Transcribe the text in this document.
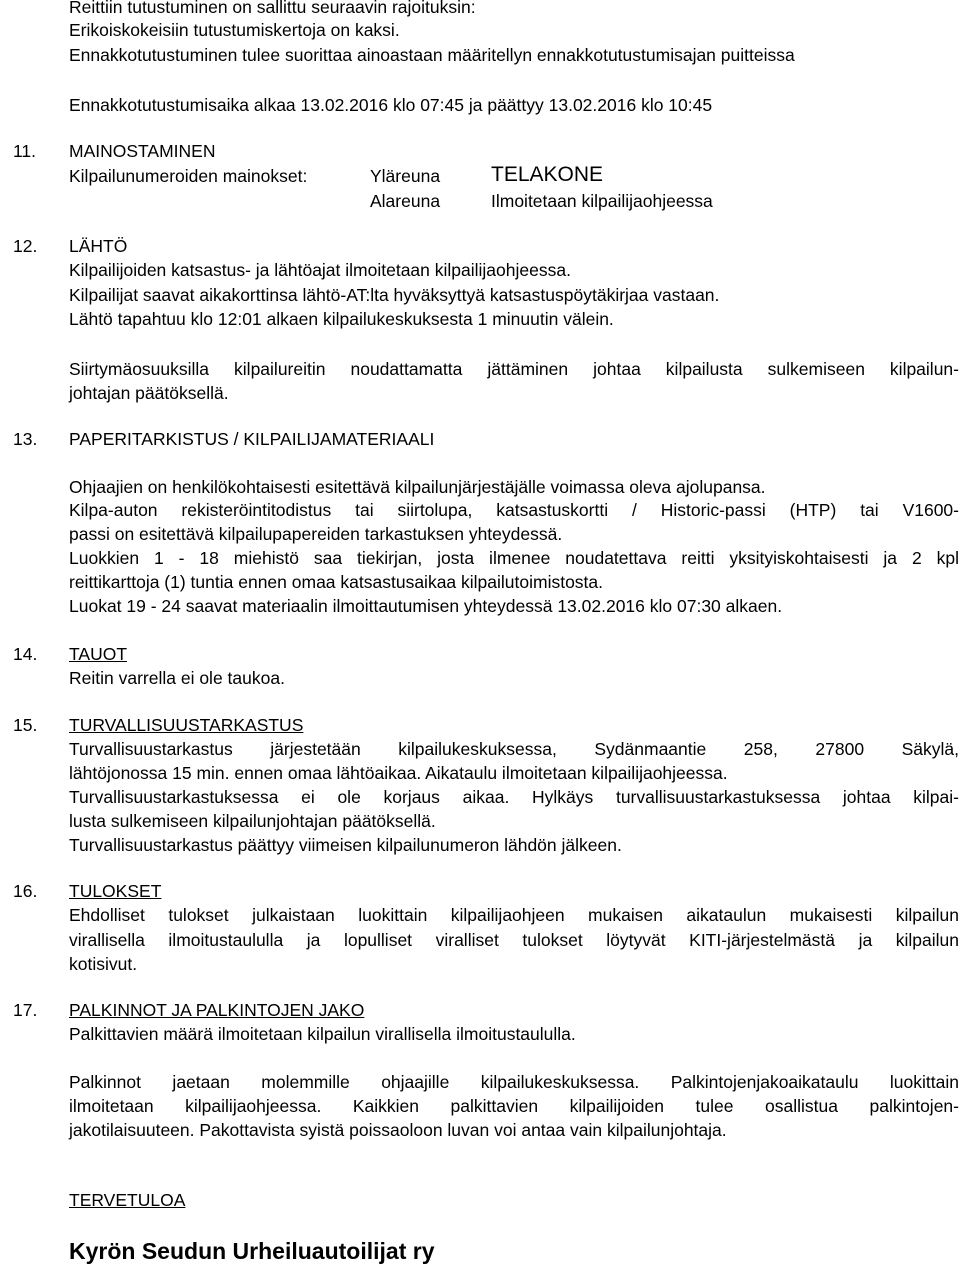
Reittiin tutustuminen on sallittu seuraavin rajoituksin:
Erikoiskokeisiin tutustumiskertoja on kaksi.
Ennakkotutustuminen tulee suorittaa ainoastaan määritellyn ennakkotutustumisajan puitteissa
Ennakkotutustumisaika alkaa 13.02.2016 klo 07:45 ja päättyy 13.02.2016 klo 10:45
11. MAINOSTAMINEN
Kilpailunumeroiden mainokset:	Yläreuna TELAKONE
Alareuna	Ilmoitetaan kilpailijaohjeessa
12. LÄHTÖ
Kilpailijoiden katsastus- ja lähtöajat ilmoitetaan kilpailijaohjeessa.
Kilpailijat saavat aikakorttinsa lähtö-AT:lta hyväksyttyä katsastuspöytäkirjaa vastaan.
Lähtö tapahtuu klo 12:01 alkaen kilpailukeskuksesta 1 minuutin välein.
Siirtymäosuuksilla kilpailureitin noudattamatta jättäminen johtaa kilpailusta sulkemiseen kilpailun-
johtajan päätöksellä.
13. PAPERITARKISTUS / KILPAILIJAMATERIAALI
Ohjaajien on henkilökohtaisesti esitettävä kilpailunjärjestäjälle voimassa oleva ajolupansa.
Kilpa-auton rekisteröintitodistus tai siirtolupa, katsastuskortti / Historic-passi (HTP) tai V1600-
passi on esitettävä kilpailupapereiden tarkastuksen yhteydessä.
Luokkien 1 - 18 miehistö saa tiekirjan, josta ilmenee noudatettava reitti yksityiskohtaisesti ja 2 kpl
reittikarttoja (1) tuntia ennen omaa katsastusaikaa kilpailutoimistosta.
Luokat 19 - 24 saavat materiaalin ilmoittautumisen yhteydessä 13.02.2016 klo 07:30 alkaen.
14. TAUOT
Reitin varrella ei ole taukoa.
15. TURVALLISUUSTARKASTUS
Turvallisuustarkastus järjestetään kilpailukeskuksessa, Sydänmaantie 258, 27800 Säkylä,
lähtöjonossa 15 min. ennen omaa lähtöaikaa. Aikataulu ilmoitetaan kilpailijaohjeessa.
Turvallisuustarkastuksessa ei ole korjaus aikaa. Hylkäys turvallisuustarkastuksessa johtaa kilpai-
lusta sulkemiseen kilpailunjohtajan päätöksellä.
Turvallisuustarkastus päättyy viimeisen kilpailunumeron lähdön jälkeen.
16. TULOKSET
Ehdolliset tulokset julkaistaan luokittain kilpailijaohjeen mukaisen aikataulun mukaisesti kilpailun
virallisella ilmoitustaululla ja lopulliset viralliset tulokset löytyvät KITI-järjestelmästä ja kilpailun
kotisivut.
17. PALKINNOT JA PALKINTOJEN JAKO
Palkittavien määrä ilmoitetaan kilpailun virallisella ilmoitustaululla.
Palkinnot jaetaan molemmille ohjaajille kilpailukeskuksessa. Palkintojenjakoaikataulu luokittain
ilmoitetaan kilpailijaohjeessa. Kaikkien palkittavien kilpailijoiden tulee osallistua palkintojen-
jakotilaisuuteen. Pakottavista syistä poissaoloon luvan voi antaa vain kilpailunjohtaja.
TERVETULOA
Kyrön Seudun Urheiluautoilijat ry
